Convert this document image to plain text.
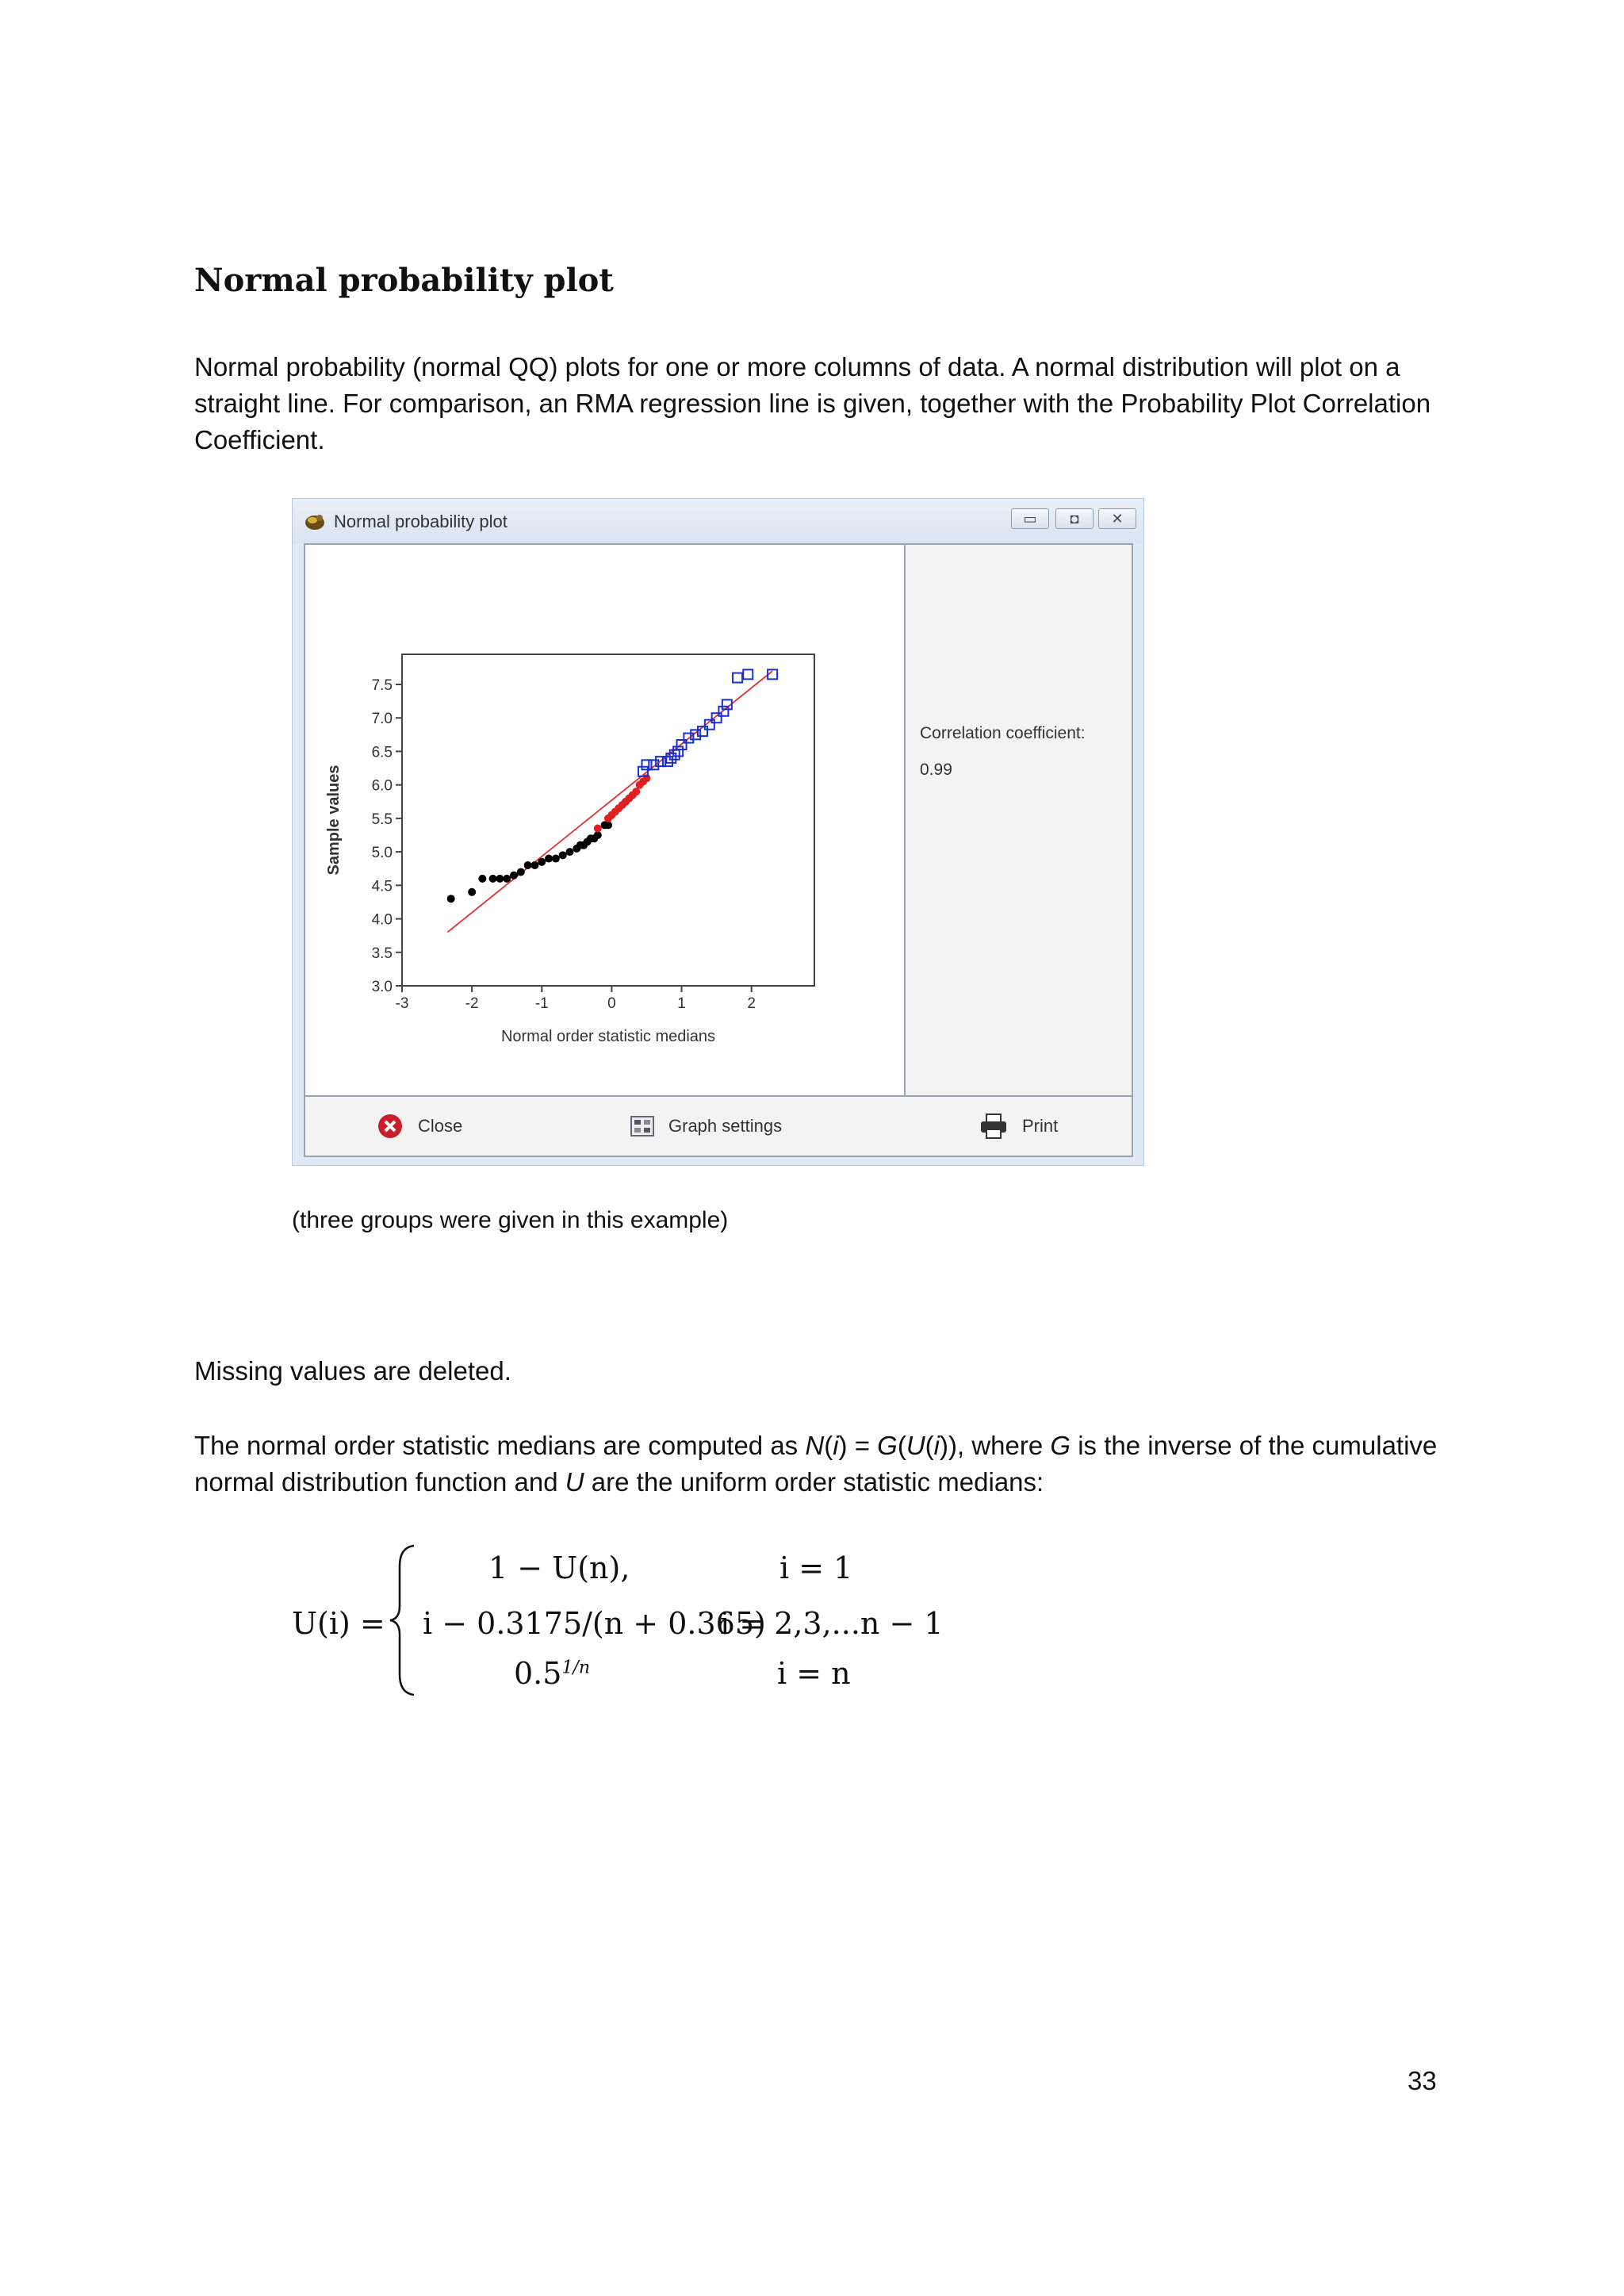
Normal probability plot

Normal probability (normal QQ) plots for one or more columns of data. A normal distribution will plot on a straight line. For comparison, an RMA regression line is given, together with the Probability Plot Correlation Coefficient.

Normal probability plot	▭	◘	✕
3.0
3.5
4.0
4.5
5.0
5.5
6.0
6.5
7.0
7.5
-3	-2	-1	0	1	2
Normal order statistic medians
Sample values
Correlation coefficient:
0.99
Close	Graph settings	Print
(three groups were given in this example)

Missing values are deleted.

The normal order statistic medians are computed as N(i) = G(U(i)), where G is the inverse of the cumulative normal distribution function and U are the uniform order statistic medians:

U(i) =
1 − U(n),	i = 1
i − 0.3175/(n + 0.365)
i = 2,3,...n − 1
$0.5^{1/n}$	i = n
33
